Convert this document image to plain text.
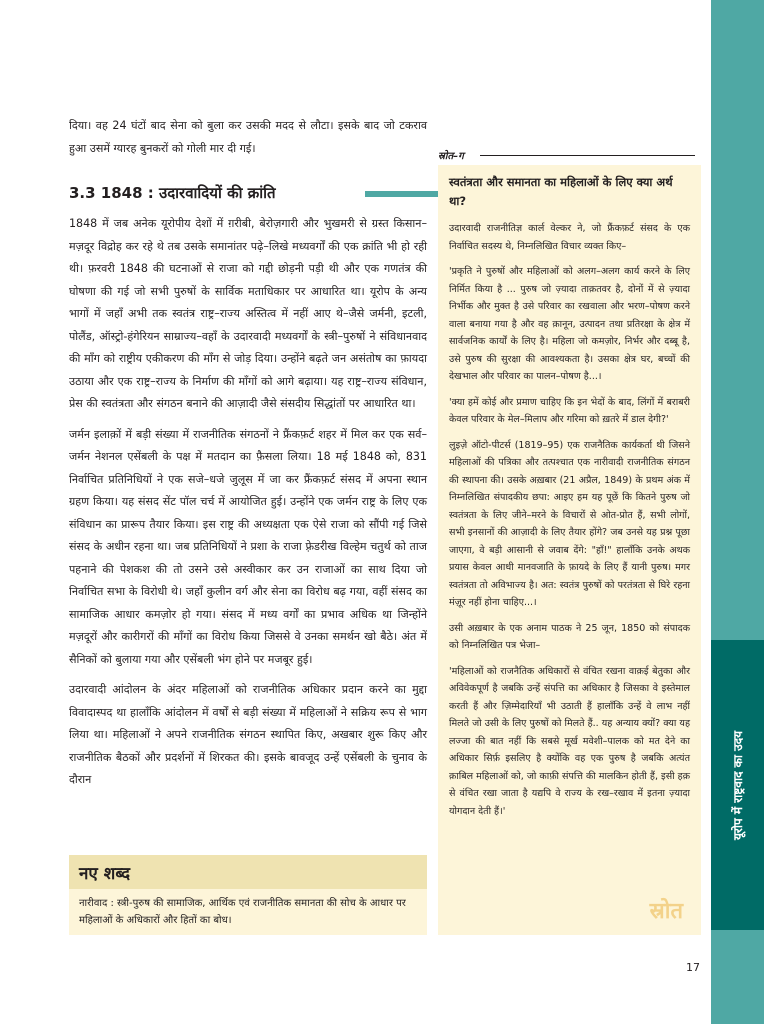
यूरोप में राष्ट्रवाद का उदय

दिया। वह 24 घंटों बाद सेना को बुला कर उसकी मदद से लौटा। इसके बाद जो टकराव हुआ उसमें ग्यारह बुनकरों को गोली मार दी गई।

3.3 1848 : उदारवादियों की क्रांति

1848 में जब अनेक यूरोपीय देशों में ग़रीबी, बेरोज़गारी और भुखमरी से ग्रस्त किसान–मज़दूर विद्रोह कर रहे थे तब उसके समानांतर पढ़े–लिखे मध्यवर्गों की एक क्रांति भी हो रही थी। फ़रवरी 1848 की घटनाओं से राजा को गद्दी छोड़नी पड़ी थी और एक गणतंत्र की घोषणा की गई जो सभी पुरुषों के सार्विक मताधिकार पर आधारित था। यूरोप के अन्य भागों में जहाँ अभी तक स्वतंत्र राष्ट्र–राज्य अस्तित्व में नहीं आए थे–जैसे जर्मनी, इटली, पोलैंड, ऑस्ट्रो-हंगेरियन साम्राज्य–वहाँ के उदारवादी मध्यवर्गों के स्त्री–पुरुषों ने संविधानवाद की माँग को राष्ट्रीय एकीकरण की माँग से जोड़ दिया। उन्होंने बढ़ते जन असंतोष का फ़ायदा उठाया और एक राष्ट्र–राज्य के निर्माण की माँगों को आगे बढ़ाया। यह राष्ट्र–राज्य संविधान, प्रेस की स्वतंत्रता और संगठन बनाने की आज़ादी जैसे संसदीय सिद्धांतों पर आधारित था।

जर्मन इलाक़ों में बड़ी संख्या में राजनीतिक संगठनों ने फ्रैंकफ़र्ट शहर में मिल कर एक सर्व–जर्मन नेशनल एसेंबली के पक्ष में मतदान का फ़ैसला लिया। 18 मई 1848 को, 831 निर्वाचित प्रतिनिधियों ने एक सजे–धजे जुलूस में जा कर फ्रैंकफ़र्ट संसद में अपना स्थान ग्रहण किया। यह संसद सेंट पॉल चर्च में आयोजित हुई। उन्होंने एक जर्मन राष्ट्र के लिए एक संविधान का प्रारूप तैयार किया। इस राष्ट्र की अध्यक्षता एक ऐसे राजा को सौंपी गई जिसे संसद के अधीन रहना था। जब प्रतिनिधियों ने प्रशा के राजा फ़्रेडरीख विल्हेम चतुर्थ को ताज पहनाने की पेशकश की तो उसने उसे अस्वीकार कर उन राजाओं का साथ दिया जो निर्वाचित सभा के विरोधी थे। जहाँ कुलीन वर्ग और सेना का विरोध बढ़ गया, वहीं संसद का सामाजिक आधार कमज़ोर हो गया। संसद में मध्य वर्गों का प्रभाव अधिक था जिन्होंने मज़दूरों और कारीगरों की माँगों का विरोध किया जिससे वे उनका समर्थन खो बैठे। अंत में सैनिकों को बुलाया गया और एसेंबली भंग होने पर मजबूर हुई।

उदारवादी आंदोलन के अंदर महिलाओं को राजनीतिक अधिकार प्रदान करने का मुद्दा विवादास्पद था हालाँकि आंदोलन में वर्षों से बड़ी संख्या में महिलाओं ने सक्रिय रूप से भाग लिया था। महिलाओं ने अपने राजनीतिक संगठन स्थापित किए, अखबार शुरू किए और राजनीतिक बैठकों और प्रदर्शनों में शिरकत की। इसके बावजूद उन्हें एसेंबली के चुनाव के दौरान

नए शब्द
नारीवाद : स्त्री-पुरुष की सामाजिक, आर्थिक एवं राजनीतिक समानता की सोच के आधार पर महिलाओं के अधिकारों और हितों का बोध।
स्रोत–ग

स्वतंत्रता और समानता का महिलाओं के लिए क्या अर्थ था?

उदारवादी राजनीतिज्ञ कार्ल वेल्कर ने, जो फ्रैंकफ़र्ट संसद के एक निर्वाचित सदस्य थे, निम्नलिखित विचार व्यक्त किए–

'प्रकृति ने पुरुषों और महिलाओं को अलग–अलग कार्य करने के लिए निर्मित किया है ... पुरुष जो ज़्यादा ताक़तवर है, दोनों में से ज़्यादा निर्भीक और मुक्त है उसे परिवार का रखवाला और भरण–पोषण करने वाला बनाया गया है और वह क़ानून, उत्पादन तथा प्रतिरक्षा के क्षेत्र में सार्वजनिक कार्यों के लिए है। महिला जो कमज़ोर, निर्भर और दब्बू है, उसे पुरुष की सुरक्षा की आवश्यकता है। उसका क्षेत्र घर, बच्चों की देखभाल और परिवार का पालन–पोषण है...।

'क्या हमें कोई और प्रमाण चाहिए कि इन भेदों के बाद, लिंगों में बराबरी केवल परिवार के मेल–मिलाप और गरिमा को ख़तरे में डाल देगी?'

लुइज़े ऑटो-पीटर्स (1819–95) एक राजनैतिक कार्यकर्ता थी जिसने महिलाओं की पत्रिका और तत्पश्चात एक नारीवादी राजनीतिक संगठन की स्थापना की। उसके अख़बार (21 अप्रैल, 1849) के प्रथम अंक में निम्नलिखित संपादकीय छपा: आइए हम यह पूछें कि कितने पुरुष जो स्वतंत्रता के लिए जीने–मरने के विचारों से ओत-प्रोत हैं, सभी लोगों, सभी इनसानों की आज़ादी के लिए तैयार होंगे? जब उनसे यह प्रश्न पूछा जाएगा, वे बड़ी आसानी से जवाब देंगे: "हाँ!" हालाँकि उनके अथक प्रयास केवल आधी मानवजाति के फ़ायदे के लिए हैं यानी पुरुष। मगर स्वतंत्रता तो अविभाज्य है। अत: स्वतंत्र पुरुषों को परतंत्रता से घिरे रहना मंज़ूर नहीं होना चाहिए...।

उसी अख़बार के एक अनाम पाठक ने 25 जून, 1850 को संपादक को निम्नलिखित पत्र भेजा–

'महिलाओं को राजनैतिक अधिकारों से वंचित रखना वाक़ई बेतुका और अविवेकपूर्ण है जबकि उन्हें संपत्ति का अधिकार है जिसका वे इस्तेमाल करती हैं और ज़िम्मेदारियाँ भी उठाती हैं हालाँकि उन्हें वे लाभ नहीं मिलते जो उसी के लिए पुरुषों को मिलते हैं.. यह अन्याय क्यों? क्या यह लज्जा की बात नहीं कि सबसे मूर्ख मवेशी–पालक को मत देने का अधिकार सिर्फ़ इसलिए है क्योंकि वह एक पुरुष है जबकि अत्यंत क़ाबिल महिलाओं को, जो काफ़ी संपत्ति की मालकिन होती हैं, इसी हक़ से वंचित रखा जाता है यद्यपि वे राज्य के रख–रखाव में इतना ज़्यादा योगदान देती हैं।'

स्रोत
17
